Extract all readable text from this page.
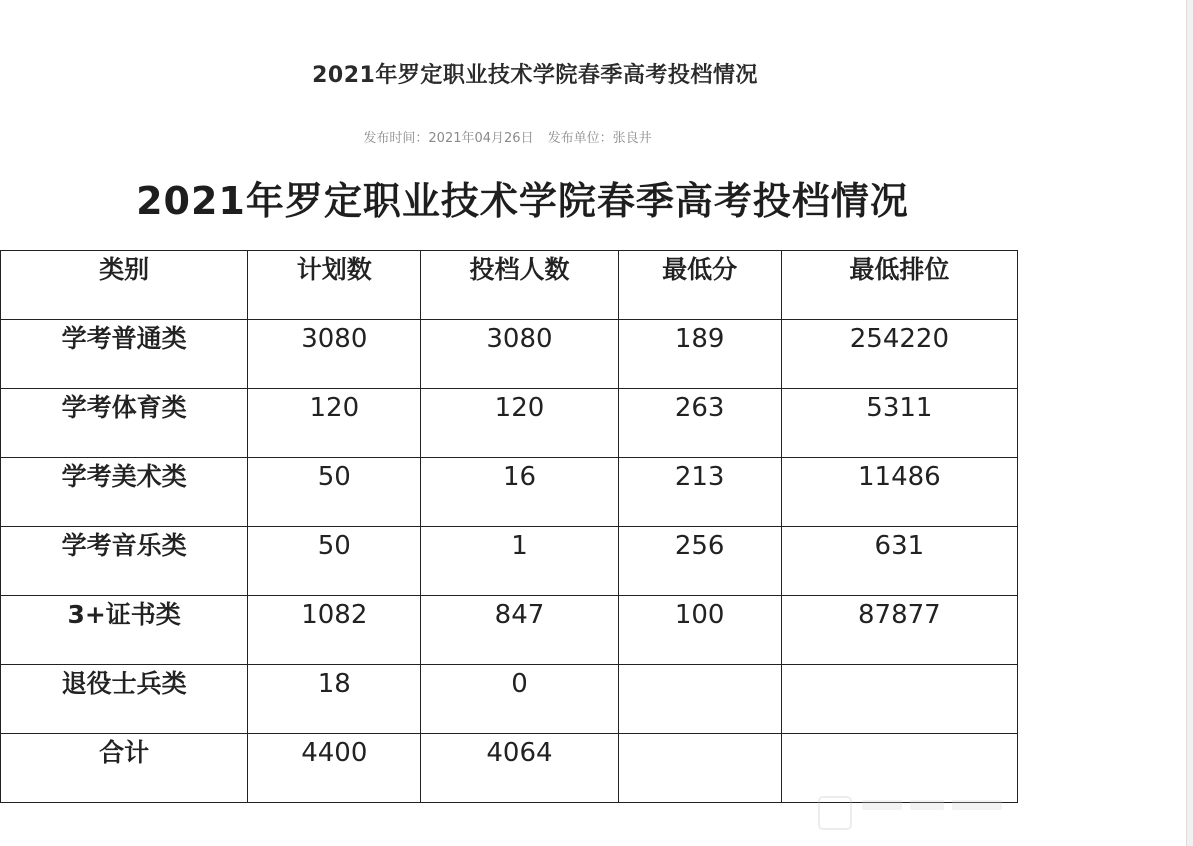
2021年罗定职业技术学院春季高考投档情况
发布时间：2021年04月26日 发布单位：张良井
2021年罗定职业技术学院春季高考投档情况
类别	计划数	投档人数	最低分	最低排位
学考普通类	3080	3080	189	254220
学考体育类	120	120	263	5311
学考美术类	50	16	213	11486
学考音乐类	50	1	256	631
3+证书类	1082	847	100	87877
退役士兵类	18	0		
合计	4400	4064		
